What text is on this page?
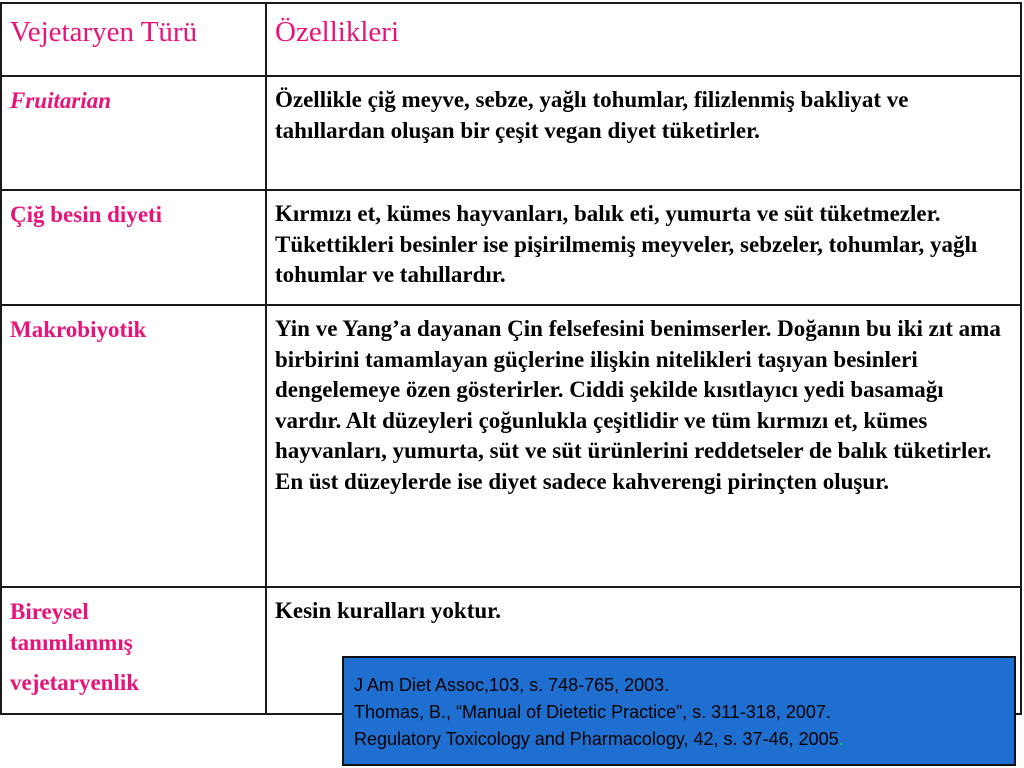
Vejetaryen Türü	Özellikleri
Fruitarian	Özellikle çiğ meyve, sebze, yağlı tohumlar, filizlenmiş bakliyat ve tahıllardan oluşan bir çeşit vegan diyet tüketirler.
Çiğ besin diyeti	Kırmızı et, kümes hayvanları, balık eti, yumurta ve süt tüketmezler. Tükettikleri besinler ise pişirilmemiş meyveler, sebzeler, tohumlar, yağlı tohumlar ve tahıllardır.
Makrobiyotik	Yin ve Yang’a dayanan Çin felsefesini benimserler. Doğanın bu iki zıt ama birbirini tamamlayan güçlerine ilişkin nitelikleri taşıyan besinleri dengelemeye özen gösterirler. Ciddi şekilde kısıtlayıcı yedi basamağı vardır. Alt düzeyleri çoğunlukla çeşitlidir ve tüm kırmızı et, kümes hayvanları, yumurta, süt ve süt ürünlerini reddetseler de balık tüketirler. En üst düzeylerde ise diyet sadece kahverengi pirinçten oluşur.

Bireysel
tanımlanmış
vejetaryenlik	Kesin kuralları yoktur.
J Am Diet Assoc,103, s. 748-765, 2003.
Thomas, B., “Manual of Dietetic Practice”, s. 311-318, 2007.
Regulatory Toxicology and Pharmacology, 42, s. 37-46, 2005.
